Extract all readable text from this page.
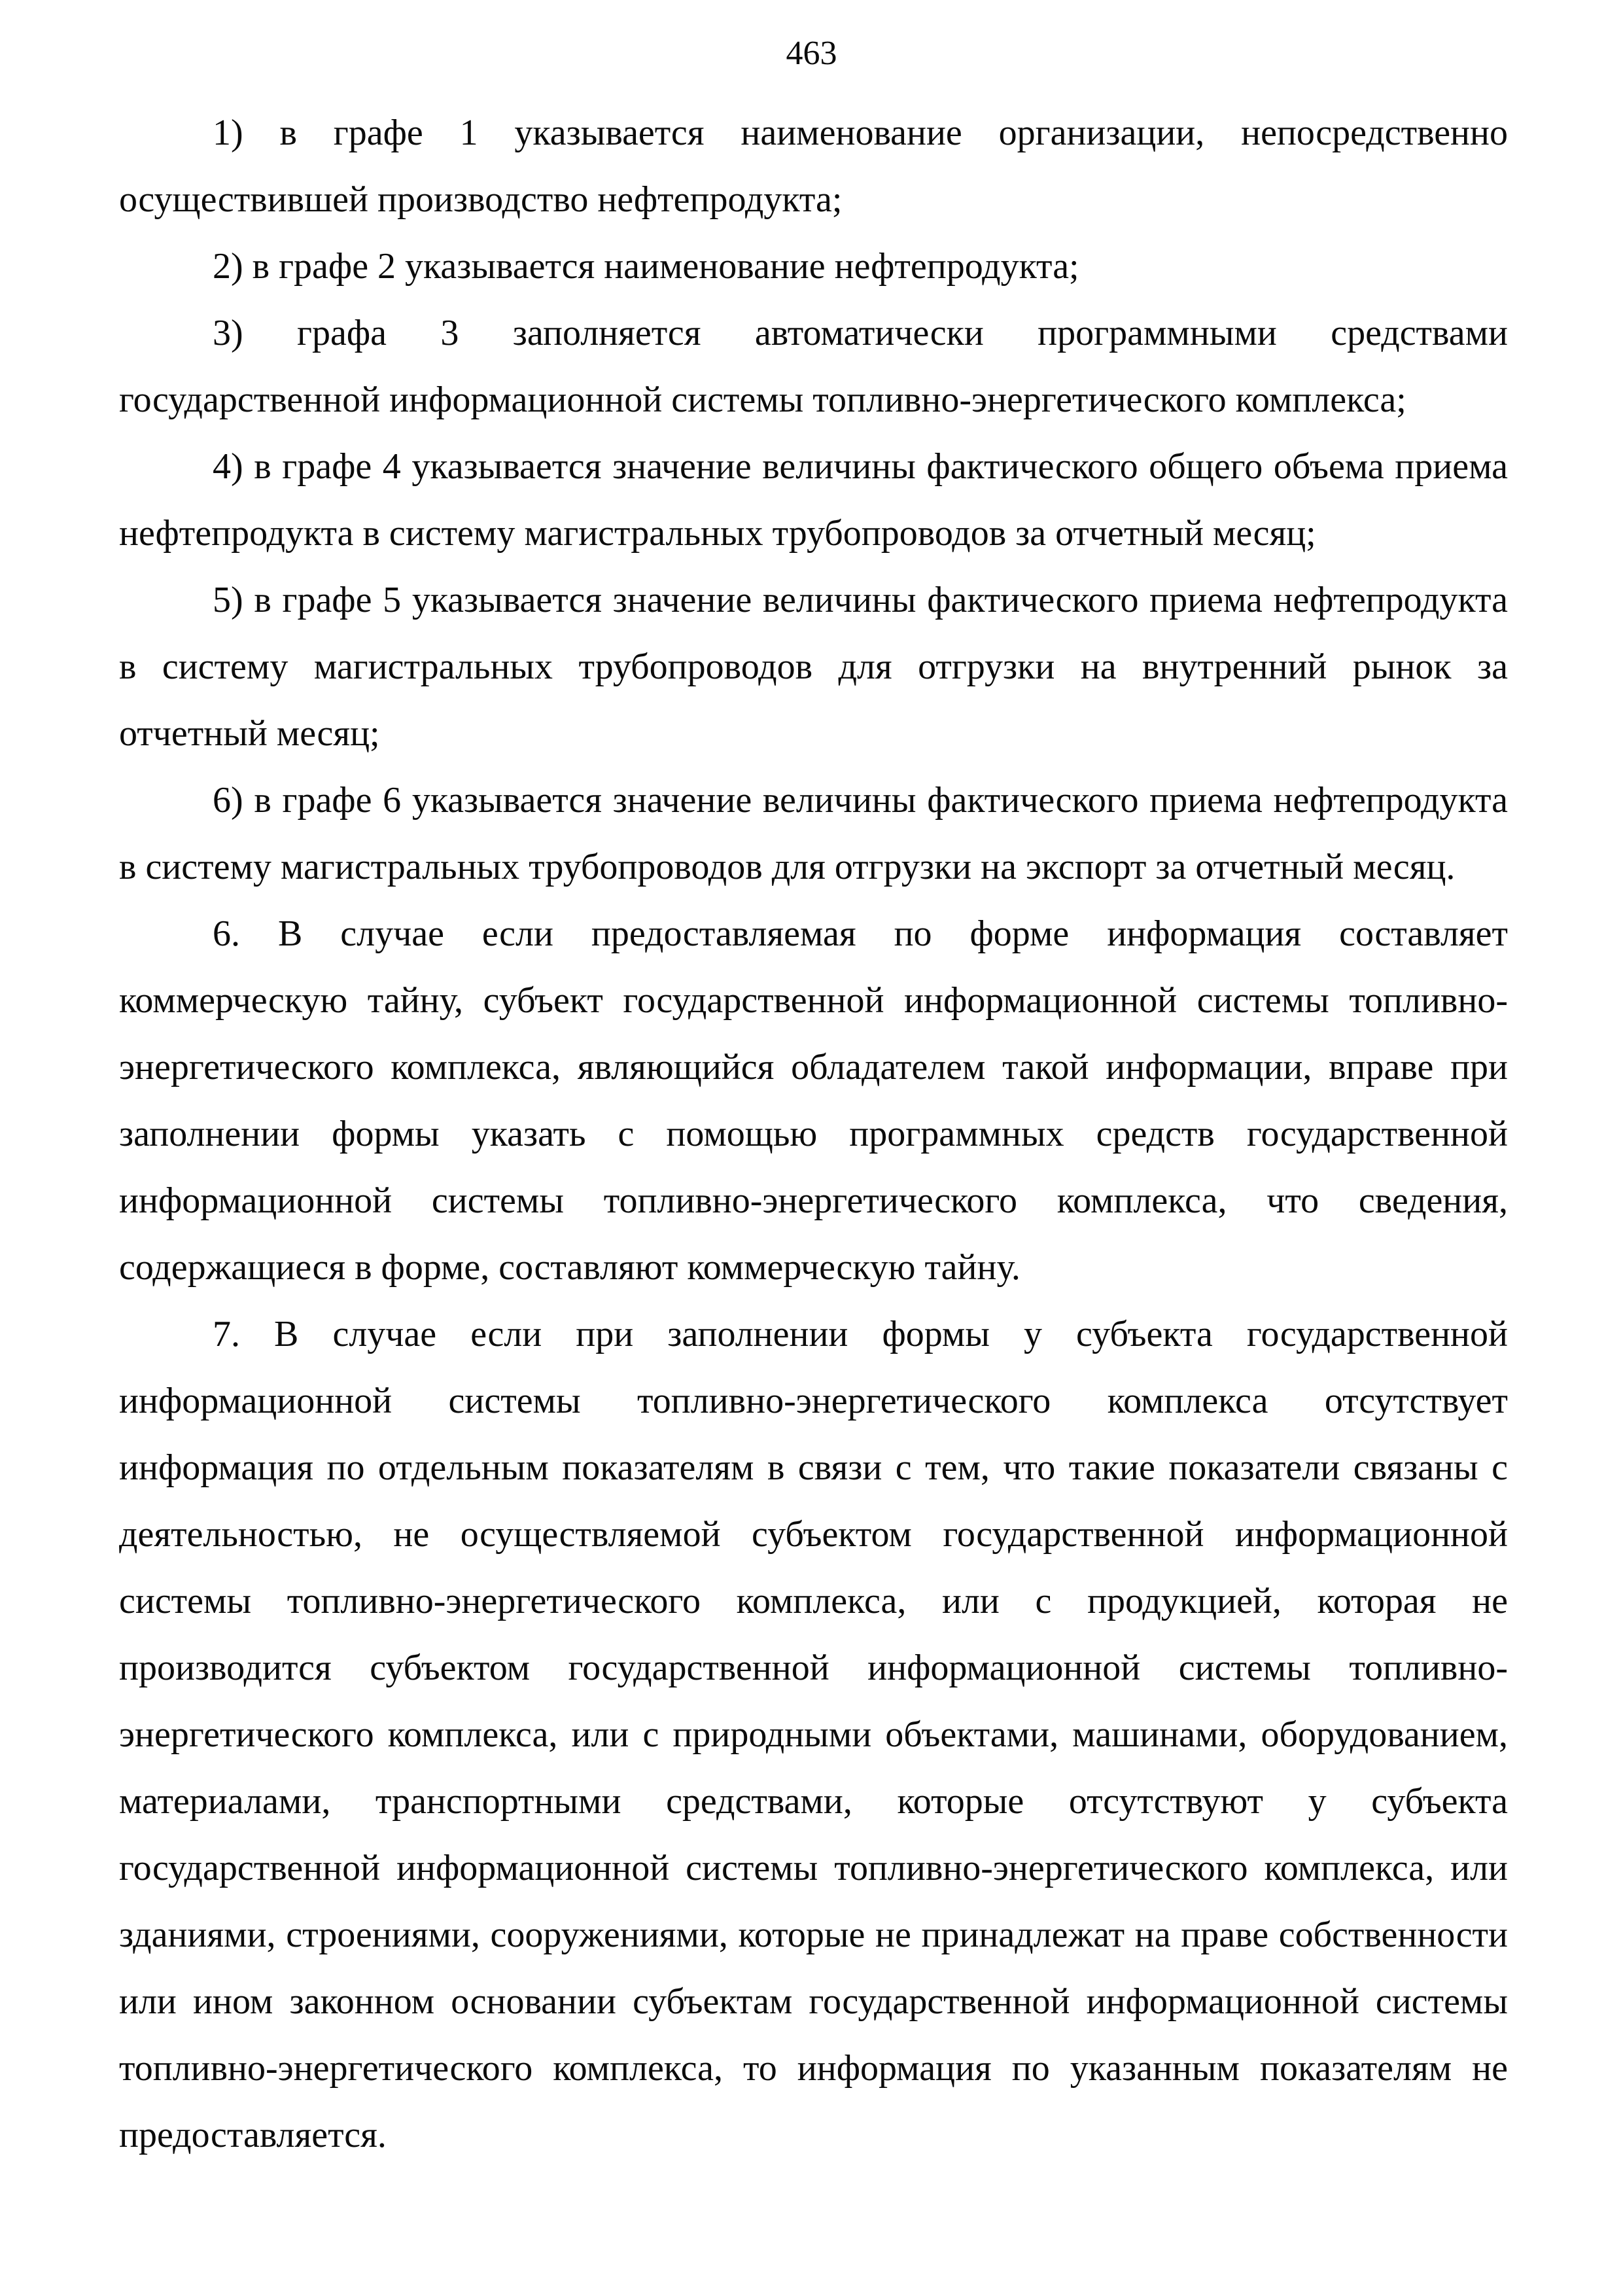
463

1) в графе 1 указывается наименование организации, непосредственно осуществившей производство нефтепродукта;

2) в графе 2 указывается наименование нефтепродукта;

3) графа 3 заполняется автоматически программными средствами государственной информационной системы топливно-энергетического комплекса;

4) в графе 4 указывается значение величины фактического общего объема приема нефтепродукта в систему магистральных трубопроводов за отчетный месяц;

5) в графе 5 указывается значение величины фактического приема нефтепродукта в систему магистральных трубопроводов для отгрузки на внутренний рынок за отчетный месяц;

6) в графе 6 указывается значение величины фактического приема нефтепродукта в систему магистральных трубопроводов для отгрузки на экспорт за отчетный месяц.

6. В случае если предоставляемая по форме информация составляет коммерческую тайну, субъект государственной информационной системы топливно-энергетического комплекса, являющийся обладателем такой информации, вправе при заполнении формы указать с помощью программных средств государственной информационной системы топливно-энергетического комплекса, что сведения, содержащиеся в форме, составляют коммерческую тайну.

7. В случае если при заполнении формы у субъекта государственной информационной системы топливно-энергетического комплекса отсутствует информация по отдельным показателям в связи с тем, что такие показатели связаны с деятельностью, не осуществляемой субъектом государственной информационной системы топливно-энергетического комплекса, или с продукцией, которая не производится субъектом государственной информационной системы топливно-энергетического комплекса, или с природными объектами, машинами, оборудованием, материалами, транспортными средствами, которые отсутствуют у субъекта государственной информационной системы топливно-энергетического комплекса, или зданиями, строениями, сооружениями, которые не принадлежат на праве собственности или ином законном основании субъектам государственной информационной системы топливно-энергетического комплекса, то информация по указанным показателям не предоставляется.
